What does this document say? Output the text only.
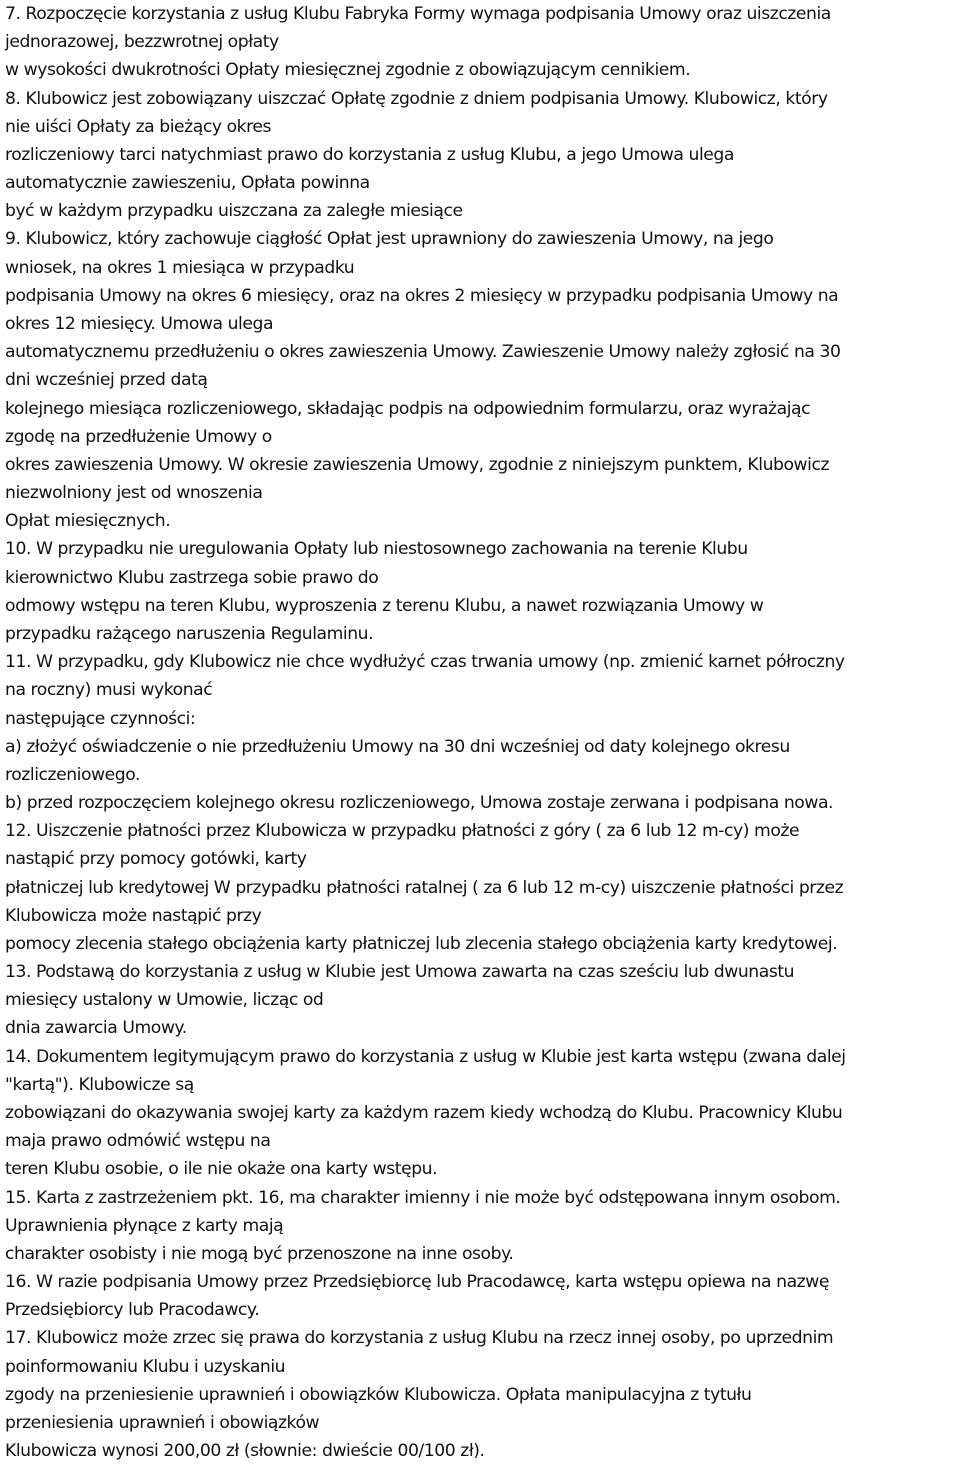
7. Rozpoczęcie korzystania z usług Klubu Fabryka Formy wymaga podpisania Umowy oraz uiszczenia

jednorazowej, bezzwrotnej opłaty

w wysokości dwukrotności Opłaty miesięcznej zgodnie z obowiązującym cennikiem.

8. Klubowicz jest zobowiązany uiszczać Opłatę zgodnie z dniem podpisania Umowy. Klubowicz, który

nie uiści Opłaty za bieżący okres

rozliczeniowy tarci natychmiast prawo do korzystania z usług Klubu, a jego Umowa ulega

automatycznie zawieszeniu, Opłata powinna

być w każdym przypadku uiszczana za zaległe miesiące

9. Klubowicz, który zachowuje ciągłość Opłat jest uprawniony do zawieszenia Umowy, na jego

wniosek, na okres 1 miesiąca w przypadku

podpisania Umowy na okres 6 miesięcy, oraz na okres 2 miesięcy w przypadku podpisania Umowy na

okres 12 miesięcy. Umowa ulega

automatycznemu przedłużeniu o okres zawieszenia Umowy. Zawieszenie Umowy należy zgłosić na 30

dni wcześniej przed datą

kolejnego miesiąca rozliczeniowego, składając podpis na odpowiednim formularzu, oraz wyrażając

zgodę na przedłużenie Umowy o

okres zawieszenia Umowy. W okresie zawieszenia Umowy, zgodnie z niniejszym punktem, Klubowicz

niezwolniony jest od wnoszenia

Opłat miesięcznych.

10. W przypadku nie uregulowania Opłaty lub niestosownego zachowania na terenie Klubu

kierownictwo Klubu zastrzega sobie prawo do

odmowy wstępu na teren Klubu, wyproszenia z terenu Klubu, a nawet rozwiązania Umowy w

przypadku rażącego naruszenia Regulaminu.

11. W przypadku, gdy Klubowicz nie chce wydłużyć czas trwania umowy (np. zmienić karnet półroczny

na roczny) musi wykonać

następujące czynności:

a) złożyć oświadczenie o nie przedłużeniu Umowy na 30 dni wcześniej od daty kolejnego okresu

rozliczeniowego.

b) przed rozpoczęciem kolejnego okresu rozliczeniowego, Umowa zostaje zerwana i podpisana nowa.

12. Uiszczenie płatności przez Klubowicza w przypadku płatności z góry ( za 6 lub 12 m-cy) może

nastąpić przy pomocy gotówki, karty

płatniczej lub kredytowej W przypadku płatności ratalnej ( za 6 lub 12 m-cy) uiszczenie płatności przez

Klubowicza może nastąpić przy

pomocy zlecenia stałego obciążenia karty płatniczej lub zlecenia stałego obciążenia karty kredytowej.

13. Podstawą do korzystania z usług w Klubie jest Umowa zawarta na czas sześciu lub dwunastu

miesięcy ustalony w Umowie, licząc od

dnia zawarcia Umowy.

14. Dokumentem legitymującym prawo do korzystania z usług w Klubie jest karta wstępu (zwana dalej

"kartą"). Klubowicze są

zobowiązani do okazywania swojej karty za każdym razem kiedy wchodzą do Klubu. Pracownicy Klubu

maja prawo odmówić wstępu na

teren Klubu osobie, o ile nie okaże ona karty wstępu.

15. Karta z zastrzeżeniem pkt. 16, ma charakter imienny i nie może być odstępowana innym osobom.

Uprawnienia płynące z karty mają

charakter osobisty i nie mogą być przenoszone na inne osoby.

16. W razie podpisania Umowy przez Przedsiębiorcę lub Pracodawcę, karta wstępu opiewa na nazwę

Przedsiębiorcy lub Pracodawcy.

17. Klubowicz może zrzec się prawa do korzystania z usług Klubu na rzecz innej osoby, po uprzednim

poinformowaniu Klubu i uzyskaniu

zgody na przeniesienie uprawnień i obowiązków Klubowicza. Opłata manipulacyjna z tytułu

przeniesienia uprawnień i obowiązków

Klubowicza wynosi 200,00 zł (słownie: dwieście 00/100 zł).
